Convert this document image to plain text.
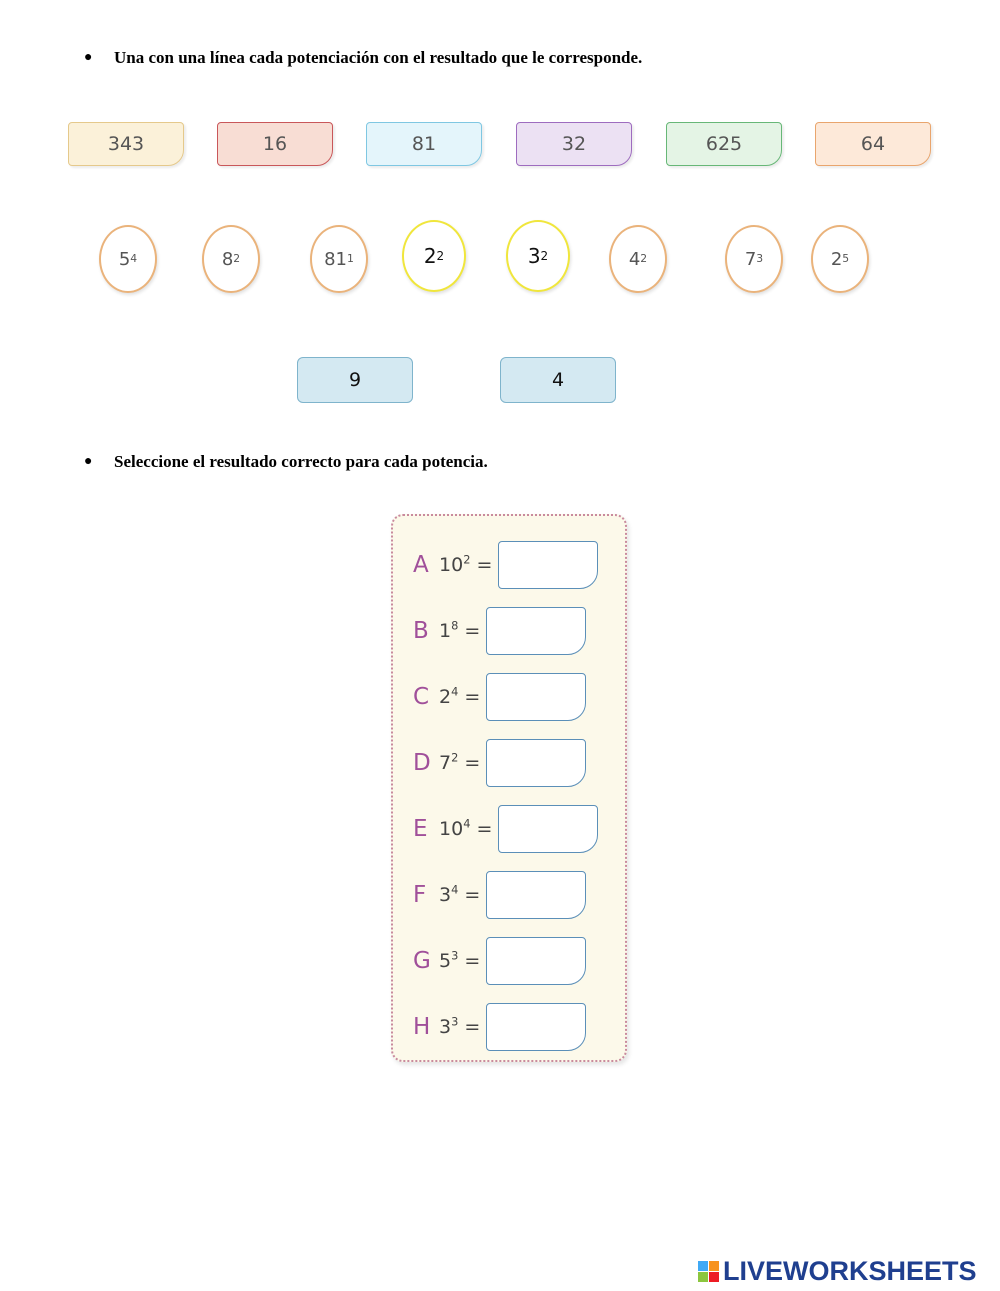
●	Una con una línea cada potenciación con el resultado que le corresponde.
343	16	81	32	625	64
5 4	8 2	81 1	2 2	3 2	4 2	7 3	2 5
9	4
●	Seleccione el resultado correcto para cada potencia.
A $10^2$ =
B $1^8$ =
C $2^4$ =
D $7^2$ =
E $10^4$ =
F $3^4$ =
G $5^3$ =
H $3^3$ =
LIVEWORKSHEETS
